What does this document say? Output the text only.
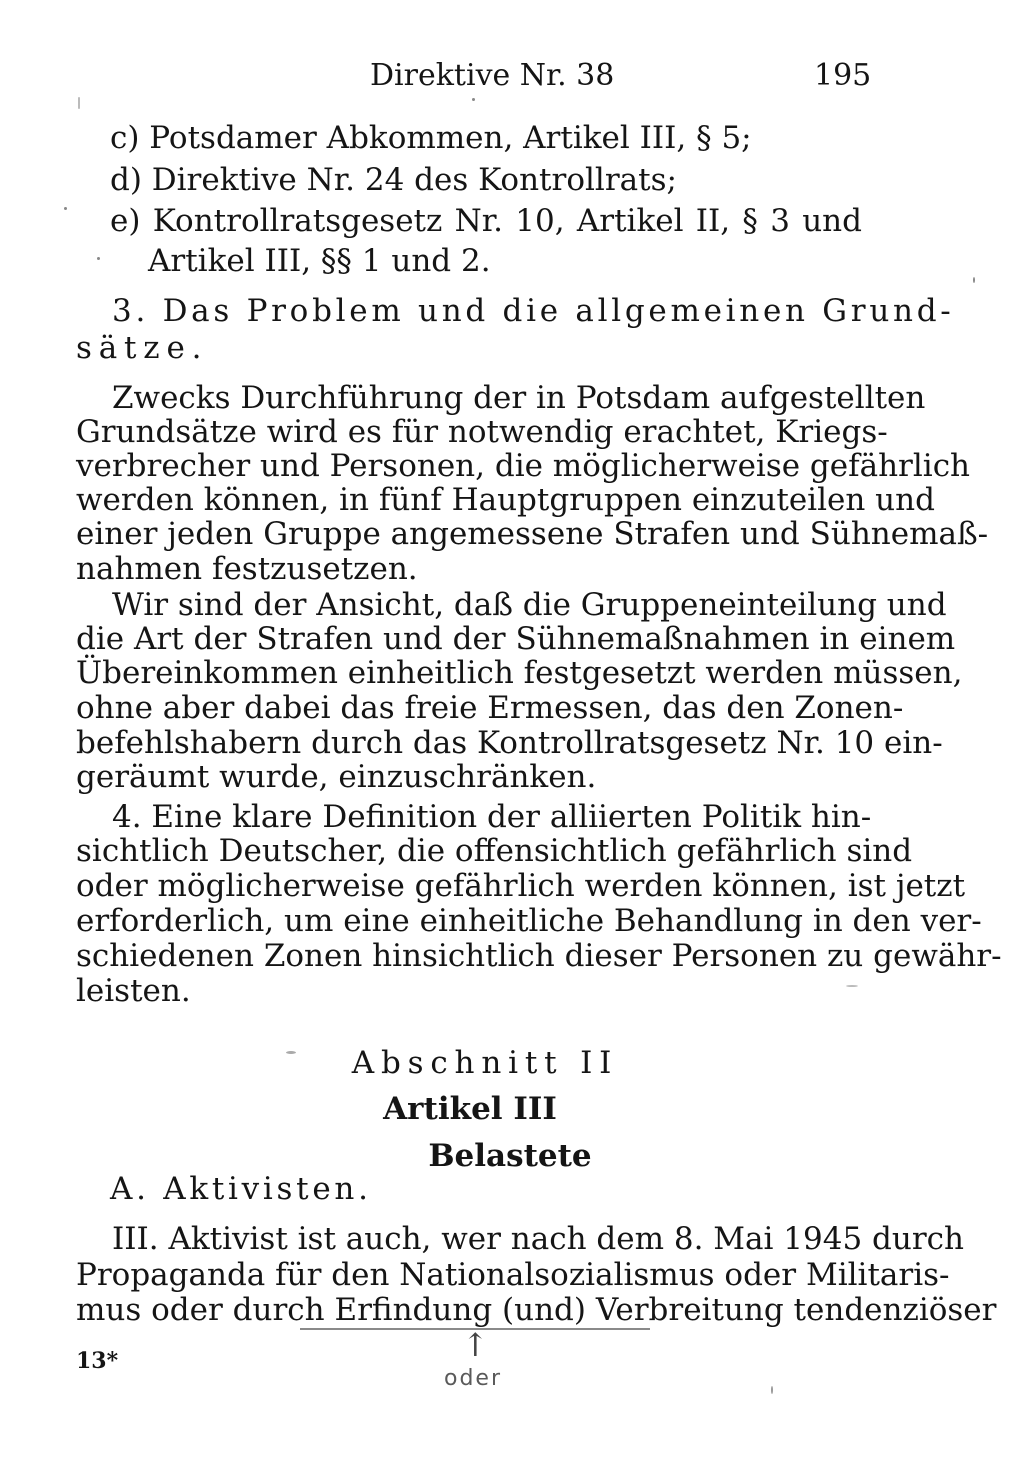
Direktive Nr. 38	195
c) Potsdamer Abkommen, Artikel III, § 5;
d) Direktive Nr. 24 des Kontrollrats;
e) Kontrollratsgesetz Nr. 10, Artikel II, § 3 und
Artikel III, §§ 1 und 2.
3. Das Problem und die allgemeinen Grund-
sätze.
Zwecks Durchführung der in Potsdam aufgestellten
Grundsätze wird es für notwendig erachtet, Kriegs-
verbrecher und Personen, die möglicherweise gefährlich
werden können, in fünf Hauptgruppen einzuteilen und
einer jeden Gruppe angemessene Strafen und Sühnemaß-
nahmen festzusetzen.
Wir sind der Ansicht, daß die Gruppeneinteilung und
die Art der Strafen und der Sühnemaßnahmen in einem
Übereinkommen einheitlich festgesetzt werden müssen,
ohne aber dabei das freie Ermessen, das den Zonen-
befehlshabern durch das Kontrollratsgesetz Nr. 10 ein-
geräumt wurde, einzuschränken.
4. Eine klare Definition der alliierten Politik hin-
sichtlich Deutscher, die offensichtlich gefährlich sind
oder möglicherweise gefährlich werden können, ist jetzt
erforderlich, um eine einheitliche Behandlung in den ver-
schiedenen Zonen hinsichtlich dieser Personen zu gewähr-
leisten.
Abschnitt II
Artikel III
Belastete
A. Aktivisten.
III. Aktivist ist auch, wer nach dem 8. Mai 1945 durch
Propaganda für den Nationalsozialismus oder Militaris-
mus oder durch Erfindung (und) Verbreitung tendenziöser
↑
oder
13*
